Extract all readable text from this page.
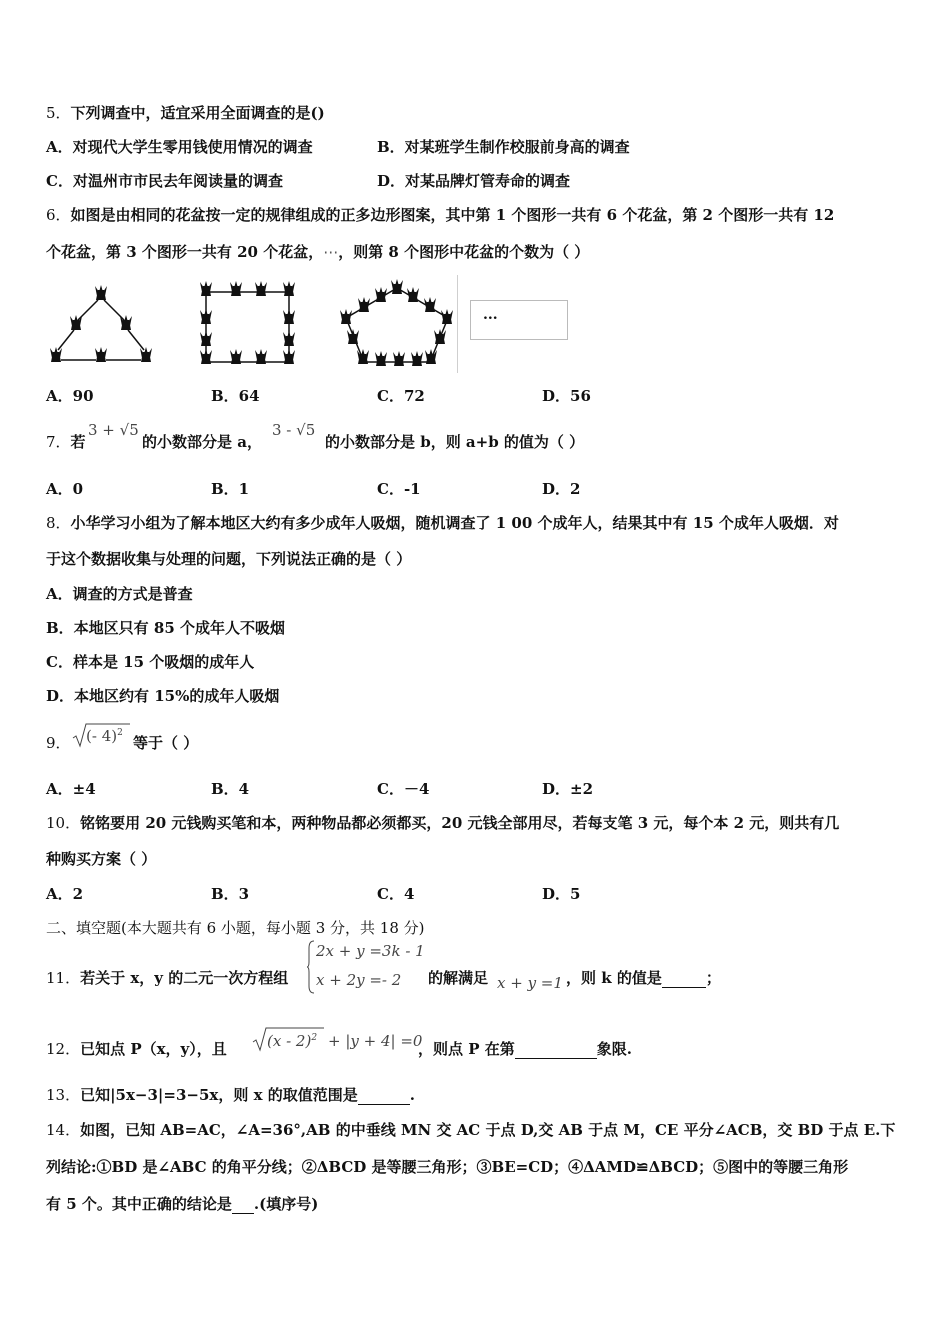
5．下列调查中，适宜采用全面调查的是()
A．对现代大学生零用钱使用情况的调查	B．对某班学生制作校服前身高的调查
C．对温州市市民去年阅读量的调查	D．对某品牌灯管寿命的调查
6．如图是由相同的花盆按一定的规律组成的正多边形图案，其中第 1 个图形一共有 6 个花盆，第 2 个图形一共有 12
个花盆，第 3 个图形一共有 20 个花盆，⋯，则第 8 个图形中花盆的个数为（ ）
...
A．90	B．64	C．72	D．56
7．若
3 + √5
的小数部分是 a，
3 - √5
的小数部分是 b，则 a+b 的值为（ ）
A．0	B．1	C．-1	D．2
8．小华学习小组为了解本地区大约有多少成年人吸烟，随机调查了 1 00 个成年人，结果其中有 15 个成年人吸烟．对
于这个数据收集与处理的问题，下列说法正确的是（ ）
A．调查的方式是普查
B．本地区只有 85 个成年人不吸烟
C．样本是 15 个吸烟的成年人
D．本地区约有 15%的成年人吸烟
9． (- 4)$^2$
等于（ ）
A．±4	B．4	C．－4	D．±2
10．铭铭要用 20 元钱购买笔和本，两种物品都必须都买，20 元钱全部用尽，若每支笔 3 元，每个本 2 元，则共有几
种购买方案（ ）
A．2	B．3	C．4	D．5
二、填空题(本大题共有 6 小题，每小题 3 分，共 18 分)
11．若关于 x，y 的二元一次方程组
2x + y =3k - 1
x + 2y =- 2 的解满足 x + y =1 ，则 k 的值是	；
12．已知点 P（x，y），且	(x - 2)$^2$ + |y + 4| =0
，则点 P 在第	象限.
13．已知|5x−3|=3−5x，则 x 的取值范围是	.
14．如图，已知 AB=AC，∠A=36°,AB 的中垂线 MN 交 AC 于点 D,交 AB 于点 M，CE 平分∠ACB，交 BD 于点 E.下
列结论:①BD 是∠ABC 的角平分线；②ΔBCD 是等腰三角形；③BE=CD；④ΔAMD≌ΔBCD；⑤图中的等腰三角形
有 5 个。其中正确的结论是 .(填序号)
